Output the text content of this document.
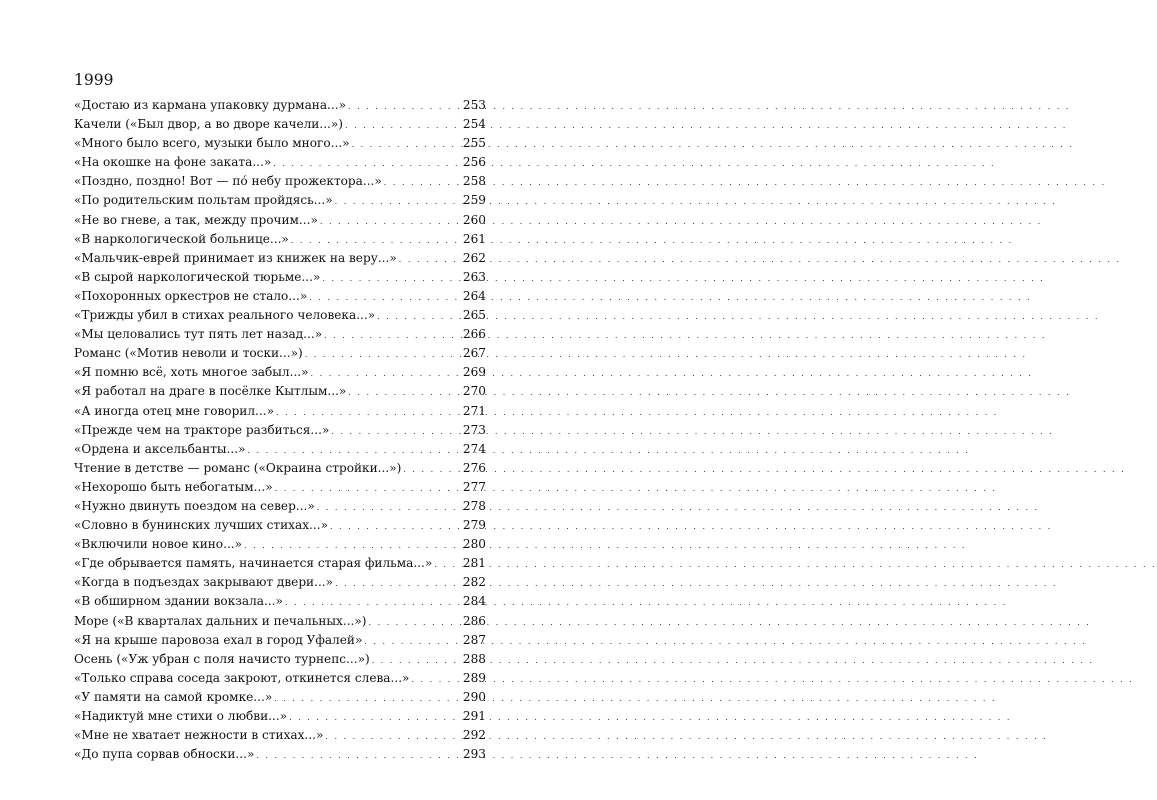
1999
«Достаю из кармана упаковку дурмана...» . . .	253
Качели («Был двор, а во дворе качели...») . . .	254
«Много было всего, музыки было много...» . . .	255
«На окошке на фоне заката...» . . .	256
«Поздно, поздно! Вот — по́ небу прожектора...» . . .	258
«По родительским польтам пройдясь...» . . .	259
«Не во гневе, а так, между прочим...» . . .	260
«В наркологической больнице...» . . .	261
«Мальчик-еврей принимает из книжек на веру...» . . .	262
«В сырой наркологической тюрьме...» . . .	263
«Похоронных оркестров не стало...» . . .	264
«Трижды убил в стихах реального человека...» . . .	265
«Мы целовались тут пять лет назад...» . . .	266
Романс («Мотив неволи и тоски...») . . .	267
«Я помню всё, хоть многое забыл...» . . .	269
«Я работал на драге в посёлке Кытлым...» . . .	270
«А иногда отец мне говорил...» . . .	271
«Прежде чем на тракторе разбиться...» . . .	273
«Ордена и аксельбанты...» . . .	274
Чтение в детстве — романс («Окраина стройки...») . . .	276
«Нехорошо быть небогатым...» . . .	277
«Нужно двинуть поездом на север...» . . .	278
«Словно в бунинских лучших стихах...» . . .	279
«Включили новое кино...» . . .	280
«Где обрывается память, начинается старая фильма...» . . .	281
«Когда в подъездах закрывают двери...» . . .	282
«В обширном здании вокзала...» . . .	284
Море («В кварталах дальних и печальных...») . . .	286
«Я на крыше паровоза ехал в город Уфалей» . . .	287
Осень («Уж убран с поля начисто турнепс...») . . .	288
«Только справа соседа закроют, откинется слева...» . . .	289
«У памяти на самой кромке...» . . .	290
«Надиктуй мне стихи о любви...» . . .	291
«Мне не хватает нежности в стихах...» . . .	292
«До пупа сорвав обноски...» . . .	293
